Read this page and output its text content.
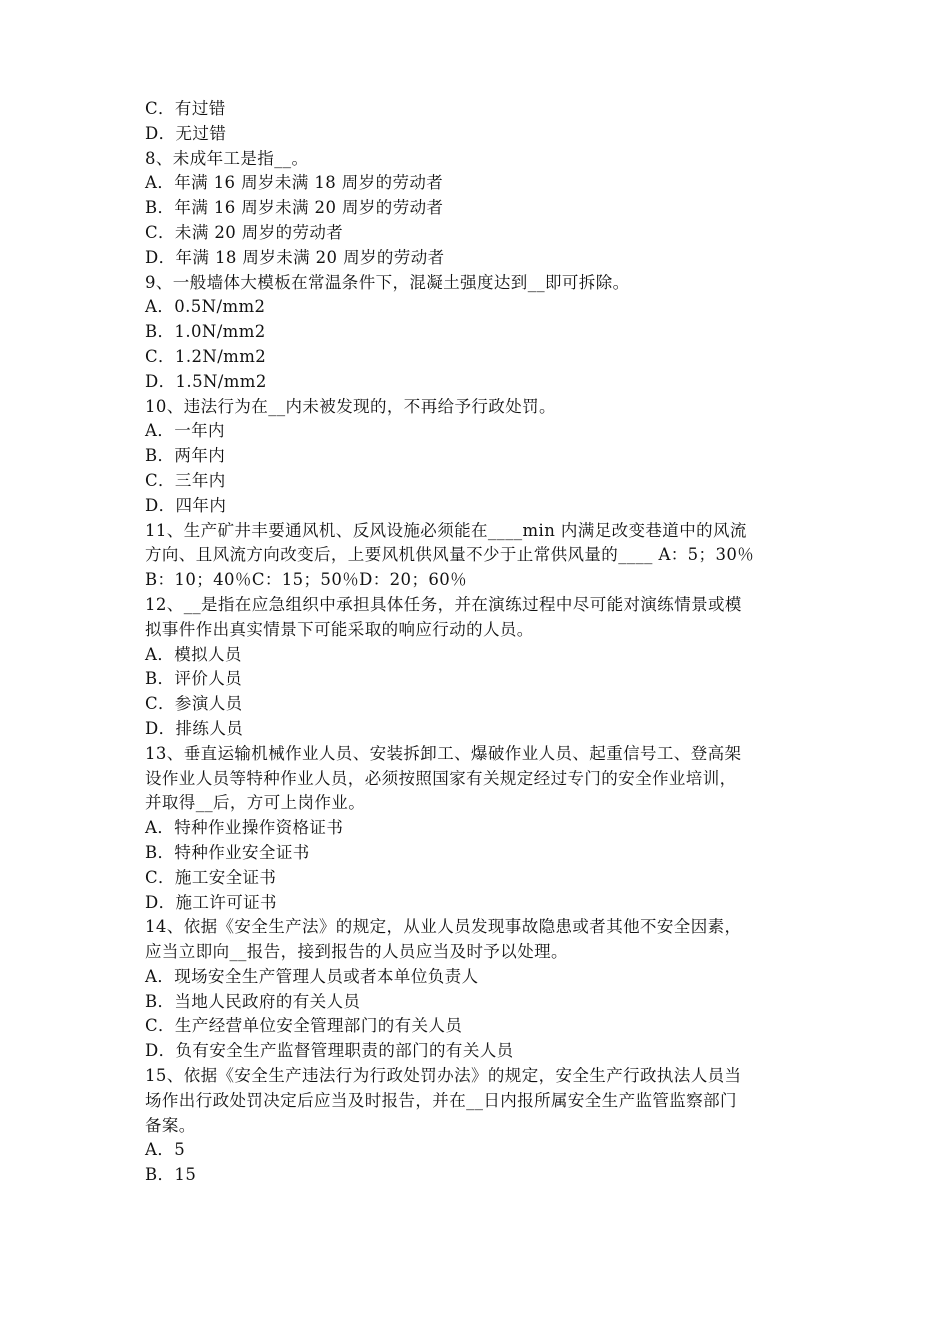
C．有过错
D．无过错
8、未成年工是指__。
A．年满 16 周岁未满 18 周岁的劳动者
B．年满 16 周岁未满 20 周岁的劳动者
C．未满 20 周岁的劳动者
D．年满 18 周岁未满 20 周岁的劳动者
9、一般墙体大模板在常温条件下，混凝土强度达到__即可拆除。
A．0.5N/mm2
B．1.0N/mm2
C．1.2N/mm2
D．1.5N/mm2
10、违法行为在__内未被发现的，不再给予行政处罚。
A．一年内
B．两年内
C．三年内
D．四年内
11、生产矿井丰要通风机、反风设施必须能在____min 内满足改变巷道中的风流
方向、且风流方向改变后，上要风机供风量不少于止常供风量的____ A：5；30％
B：10；40％C：15；50％D：20；60％
12、__是指在应急组织中承担具体任务，并在演练过程中尽可能对演练情景或模
拟事件作出真实情景下可能采取的响应行动的人员。
A．模拟人员
B．评价人员
C．参演人员
D．排练人员
13、垂直运输机械作业人员、安装拆卸工、爆破作业人员、起重信号工、登高架
设作业人员等特种作业人员，必须按照国家有关规定经过专门的安全作业培训，
并取得__后，方可上岗作业。
A．特种作业操作资格证书
B．特种作业安全证书
C．施工安全证书
D．施工许可证书
14、依据《安全生产法》的规定，从业人员发现事故隐患或者其他不安全因素，
应当立即向__报告，接到报告的人员应当及时予以处理。
A．现场安全生产管理人员或者本单位负责人
B．当地人民政府的有关人员
C．生产经营单位安全管理部门的有关人员
D．负有安全生产监督管理职责的部门的有关人员
15、依据《安全生产违法行为行政处罚办法》的规定，安全生产行政执法人员当
场作出行政处罚决定后应当及时报告，并在__日内报所属安全生产监管监察部门
备案。
A．5
B．15
